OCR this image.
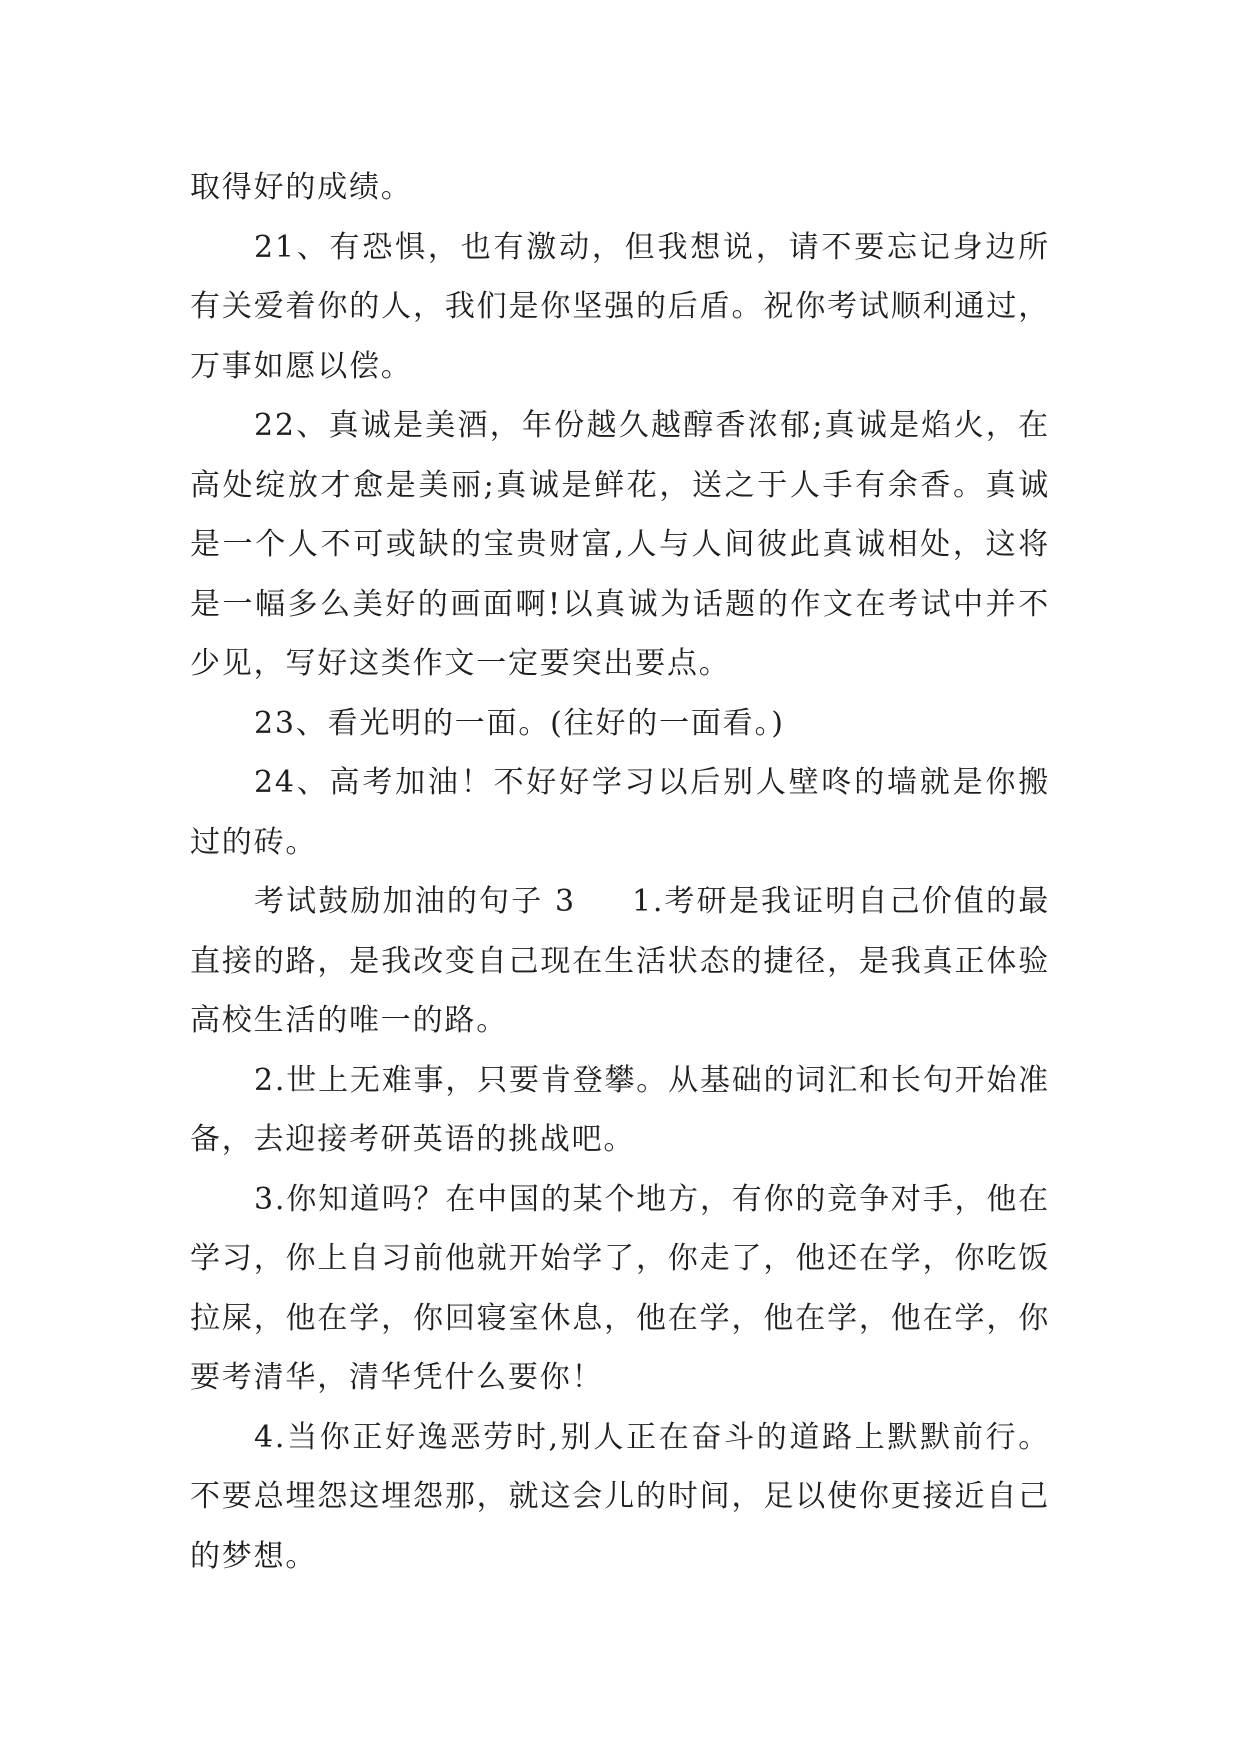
取得好的成绩。

21、有恐惧，也有激动，但我想说，请不要忘记身边所有关爱着你的人，我们是你坚强的后盾。祝你考试顺利通过，万事如愿以偿。

22、真诚是美酒，年份越久越醇香浓郁;真诚是焰火，在高处绽放才愈是美丽;真诚是鲜花，送之于人手有余香。真诚是一个人不可或缺的宝贵财富,人与人间彼此真诚相处，这将是一幅多么美好的画面啊!以真诚为话题的作文在考试中并不少见，写好这类作文一定要突出要点。

23、看光明的一面。(往好的一面看。)

24、高考加油！不好好学习以后别人壁咚的墙就是你搬过的砖。

考试鼓励加油的句子 3 1.考研是我证明自己价值的最直接的路，是我改变自己现在生活状态的捷径，是我真正体验高校生活的唯一的路。

2.世上无难事，只要肯登攀。从基础的词汇和长句开始准备，去迎接考研英语的挑战吧。

3.你知道吗？在中国的某个地方，有你的竞争对手，他在学习，你上自习前他就开始学了，你走了，他还在学，你吃饭拉屎，他在学，你回寝室休息，他在学，他在学，他在学，你要考清华，清华凭什么要你！

4.当你正好逸恶劳时,别人正在奋斗的道路上默默前行。不要总埋怨这埋怨那，就这会儿的时间，足以使你更接近自己的梦想。
